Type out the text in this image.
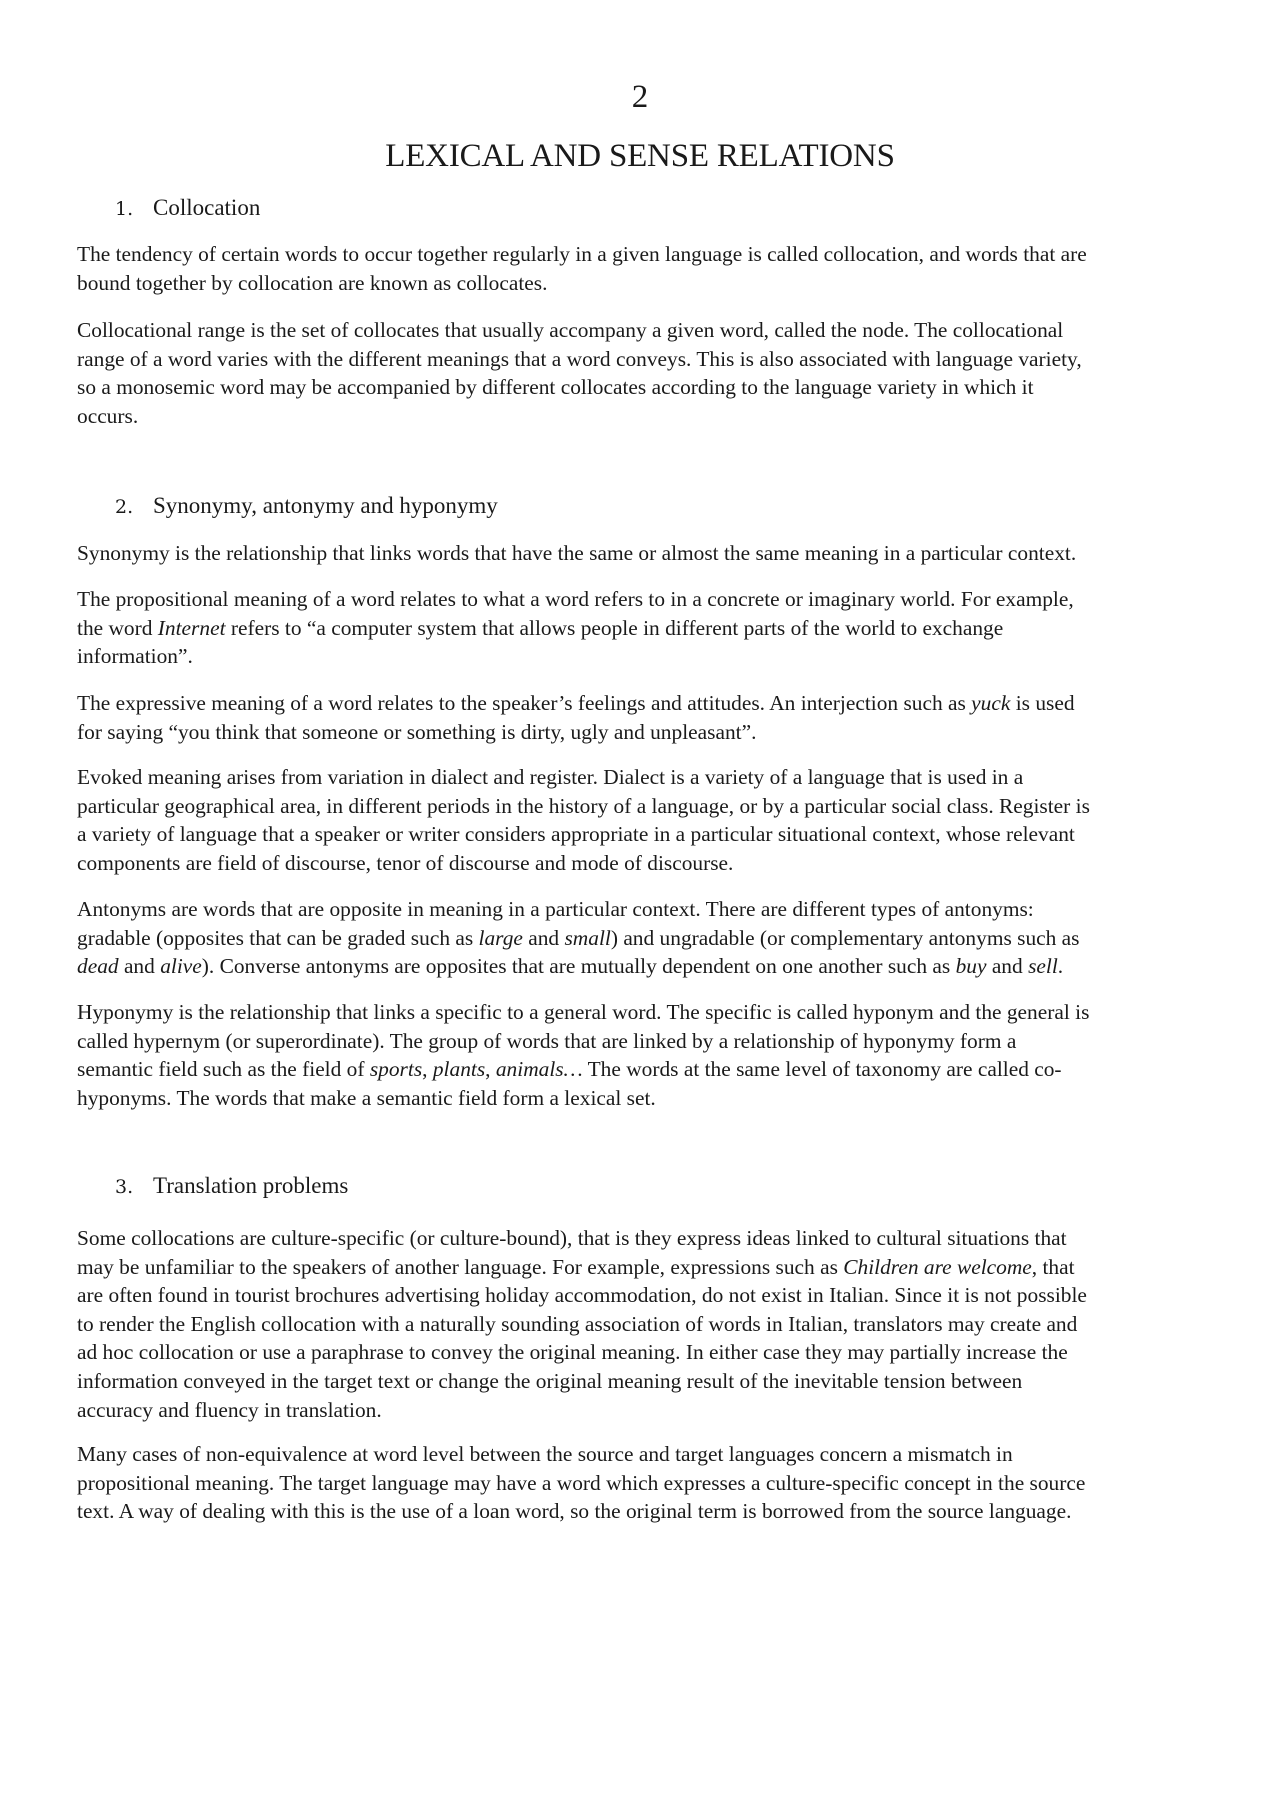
2
LEXICAL AND SENSE RELATIONS
1. Collocation
The tendency of certain words to occur together regularly in a given language is called collocation, and words that are
bound together by collocation are known as collocates.
Collocational range is the set of collocates that usually accompany a given word, called the node. The collocational
range of a word varies with the different meanings that a word conveys. This is also associated with language variety,
so a monosemic word may be accompanied by different collocates according to the language variety in which it
occurs.
2. Synonymy, antonymy and hyponymy
Synonymy is the relationship that links words that have the same or almost the same meaning in a particular context.
The propositional meaning of a word relates to what a word refers to in a concrete or imaginary world. For example,
the word Internet refers to “a computer system that allows people in different parts of the world to exchange
information”.
The expressive meaning of a word relates to the speaker’s feelings and attitudes. An interjection such as yuck is used
for saying “you think that someone or something is dirty, ugly and unpleasant”.
Evoked meaning arises from variation in dialect and register. Dialect is a variety of a language that is used in a
particular geographical area, in different periods in the history of a language, or by a particular social class. Register is
a variety of language that a speaker or writer considers appropriate in a particular situational context, whose relevant
components are field of discourse, tenor of discourse and mode of discourse.
Antonyms are words that are opposite in meaning in a particular context. There are different types of antonyms:
gradable (opposites that can be graded such as large and small) and ungradable (or complementary antonyms such as
dead and alive). Converse antonyms are opposites that are mutually dependent on one another such as buy and sell.
Hyponymy is the relationship that links a specific to a general word. The specific is called hyponym and the general is
called hypernym (or superordinate). The group of words that are linked by a relationship of hyponymy form a
semantic field such as the field of sports, plants, animals… The words at the same level of taxonomy are called co-
hyponyms. The words that make a semantic field form a lexical set.
3. Translation problems
Some collocations are culture-specific (or culture-bound), that is they express ideas linked to cultural situations that
may be unfamiliar to the speakers of another language. For example, expressions such as Children are welcome, that
are often found in tourist brochures advertising holiday accommodation, do not exist in Italian. Since it is not possible
to render the English collocation with a naturally sounding association of words in Italian, translators may create and
ad hoc collocation or use a paraphrase to convey the original meaning. In either case they may partially increase the
information conveyed in the target text or change the original meaning result of the inevitable tension between
accuracy and fluency in translation.
Many cases of non-equivalence at word level between the source and target languages concern a mismatch in
propositional meaning. The target language may have a word which expresses a culture-specific concept in the source
text. A way of dealing with this is the use of a loan word, so the original term is borrowed from the source language.
